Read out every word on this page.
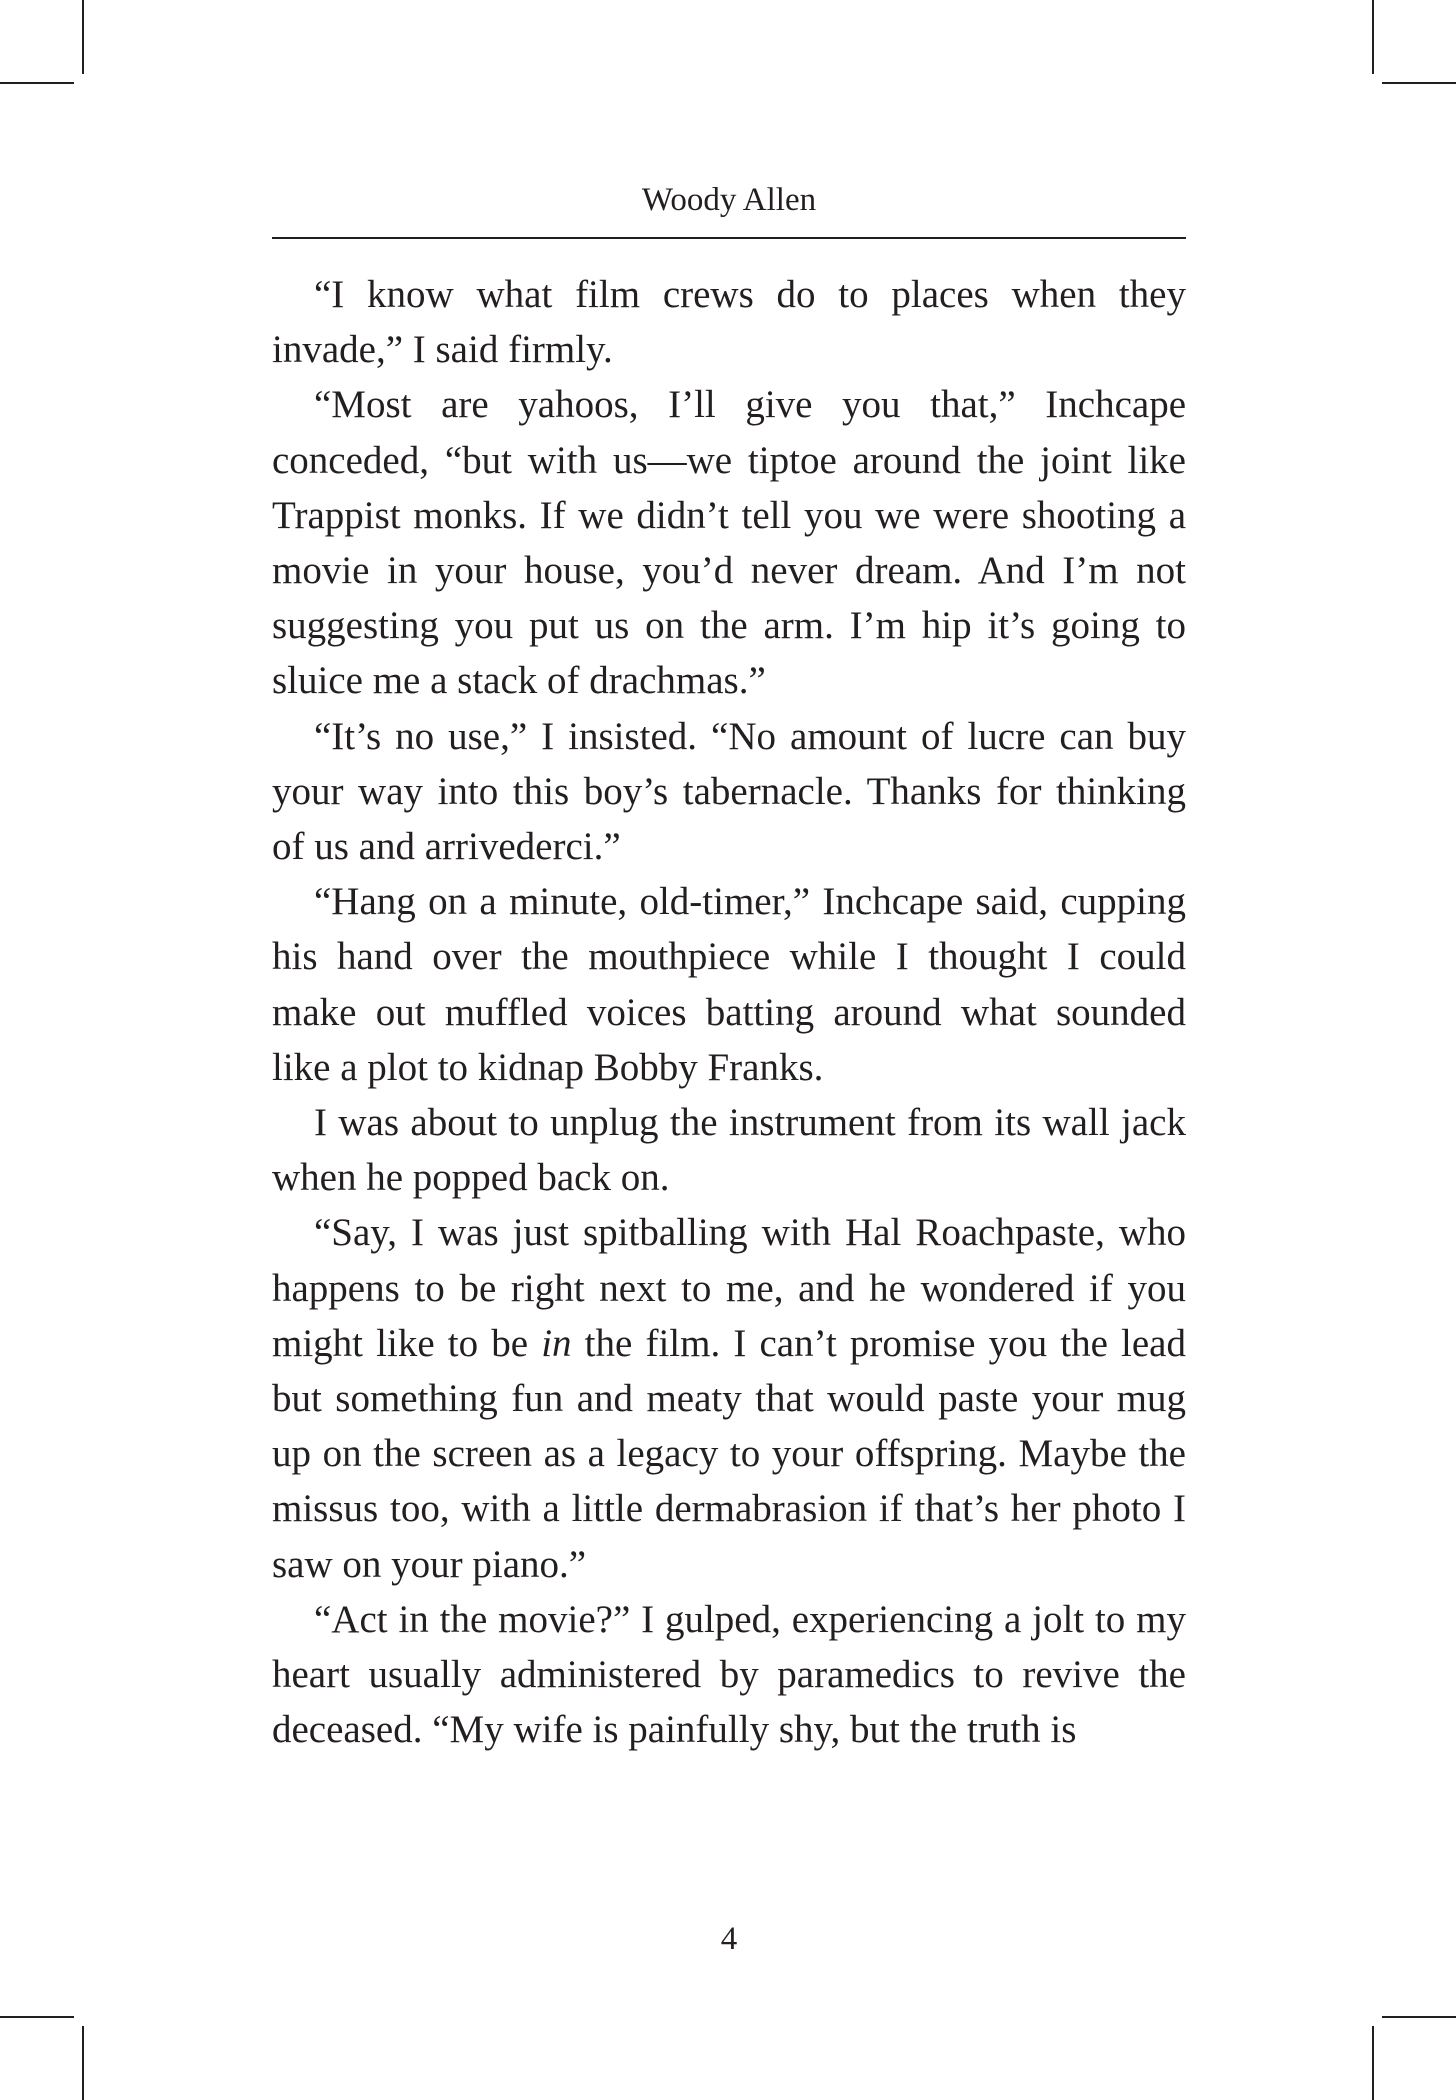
Woody Allen

“I know what film crews do to places when they invade,” I said firmly.

“Most are yahoos, I’ll give you that,” Inchcape conceded, “but with us—we tiptoe around the joint like Trappist monks. If we didn’t tell you we were shooting a movie in your house, you’d never dream. And I’m not suggesting you put us on the arm. I’m hip it’s going to sluice me a stack of drachmas.”

“It’s no use,” I insisted. “No amount of lucre can buy your way into this boy’s tabernacle. Thanks for thinking of us and arrivederci.”

“Hang on a minute, old-timer,” Inchcape said, cupping his hand over the mouthpiece while I thought I could make out muffled voices batting around what sounded like a plot to kidnap Bobby Franks.

I was about to unplug the instrument from its wall jack when he popped back on.

“Say, I was just spitballing with Hal Roachpaste, who happens to be right next to me, and he wondered if you might like to be in the film. I can’t promise you the lead but something fun and meaty that would paste your mug up on the screen as a legacy to your offspring. Maybe the missus too, with a little dermabrasion if that’s her photo I saw on your piano.”

“Act in the movie?” I gulped, experiencing a jolt to my heart usually administered by paramedics to revive the deceased. “My wife is painfully shy, but the truth is

4
